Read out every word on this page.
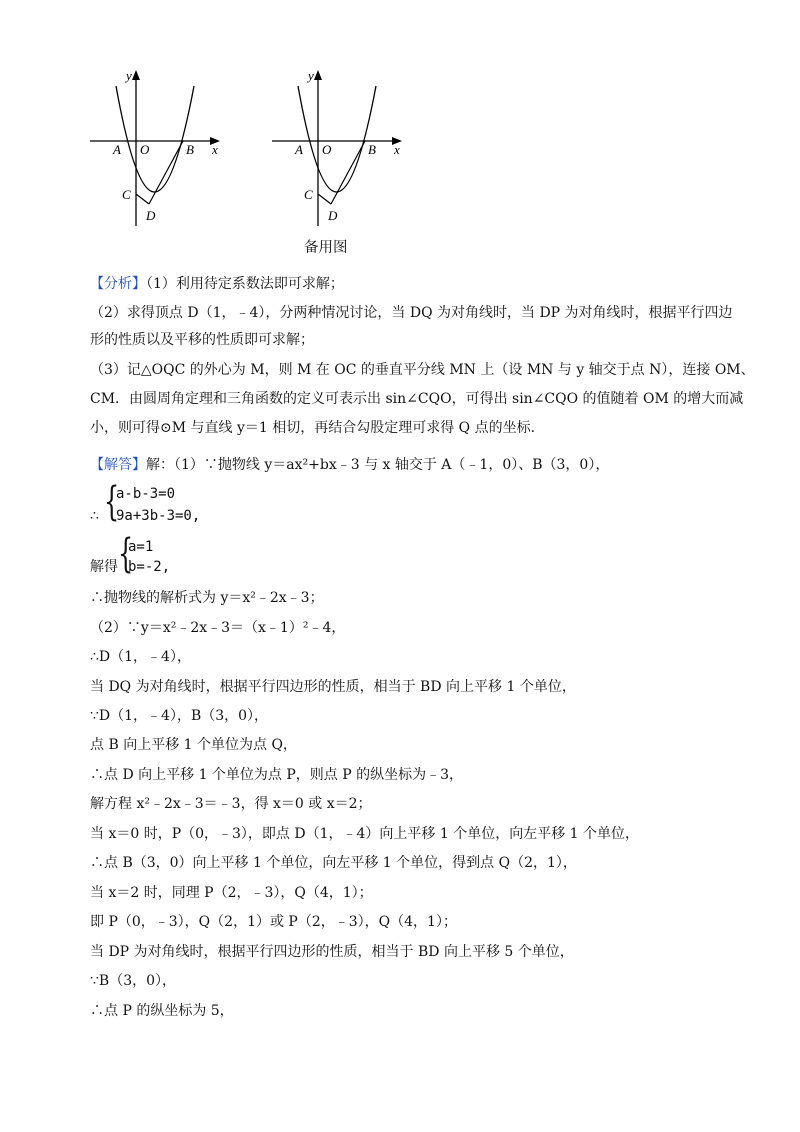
y
x
A O	B
C
D
y
x
A O	B
C
D
备用图
【分析】（1）利用待定系数法即可求解；
（2）求得顶点 D（1，﹣4），分两种情况讨论，当 DQ 为对角线时，当 DP 为对角线时，根据平行四边
形的性质以及平移的性质即可求解；
（3）记△OQC 的外心为 M，则 M 在 OC 的垂直平分线 MN 上（设 MN 与 y 轴交于点 N），连接 OM、
CM．由圆周角定理和三角函数的定义可表示出 sin∠CQO，可得出 sin∠CQO 的值随着 OM 的增大而减
小，则可得⊙M 与直线 y＝1 相切，再结合勾股定理可求得 Q 点的坐标．
【解答】解：（1）∵抛物线 y＝ax²+bx﹣3 与 x 轴交于 A（﹣1，0）、B（3，0），
∴ {
a-b-3=0
9a+3b-3=0,
解得 {
a=1
b=-2,
∴抛物线的解析式为 y＝x²﹣2x﹣3；
（2）∵y＝x²﹣2x﹣3＝（x﹣1）²﹣4，
∴D（1，﹣4），
当 DQ 为对角线时，根据平行四边形的性质，相当于 BD 向上平移 1 个单位，
∵D（1，﹣4），B（3，0），
点 B 向上平移 1 个单位为点 Q，
∴点 D 向上平移 1 个单位为点 P，则点 P 的纵坐标为﹣3，
解方程 x²﹣2x﹣3＝﹣3，得 x＝0 或 x＝2；
当 x＝0 时，P（0，﹣3），即点 D（1，﹣4）向上平移 1 个单位，向左平移 1 个单位，
∴点 B（3，0）向上平移 1 个单位，向左平移 1 个单位，得到点 Q（2，1），
当 x＝2 时，同理 P（2，﹣3），Q（4，1）；
即 P（0，﹣3），Q（2，1）或 P（2，﹣3），Q（4，1）；
当 DP 为对角线时，根据平行四边形的性质，相当于 BD 向上平移 5 个单位，
∵B（3，0），
∴点 P 的纵坐标为 5，
